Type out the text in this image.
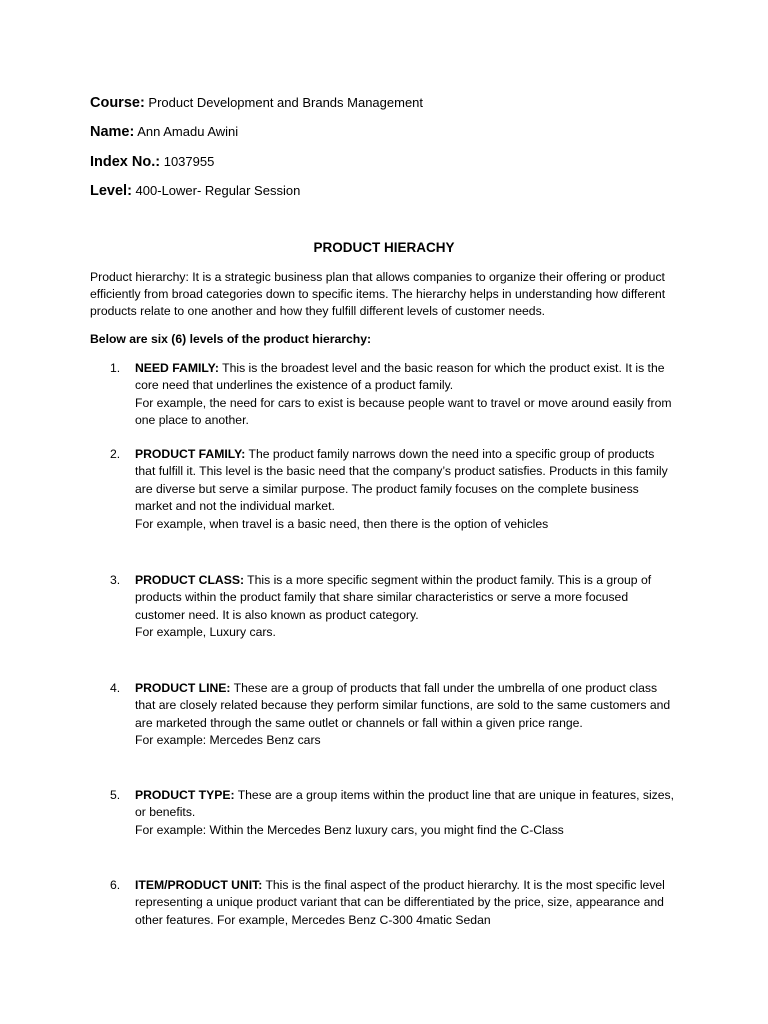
Course: Product Development and Brands Management
Name: Ann Amadu Awini
Index No.: 1037955
Level: 400-Lower- Regular Session
PRODUCT HIERACHY
Product hierarchy: It is a strategic business plan that allows companies to organize their offering or product efficiently from broad categories down to specific items. The hierarchy helps in understanding how different products relate to one another and how they fulfill different levels of customer needs.
Below are six (6) levels of the product hierarchy:
1.	NEED FAMILY: This is the broadest level and the basic reason for which the product exist. It is the core need that underlines the existence of a product family.

For example, the need for cars to exist is because people want to travel or move around easily from one place to another.

2.	PRODUCT FAMILY: The product family narrows down the need into a specific group of products that fulfill it. This level is the basic need that the company’s product satisfies. Products in this family are diverse but serve a similar purpose. The product family focuses on the complete business market and not the individual market.

For example, when travel is a basic need, then there is the option of vehicles

3.	PRODUCT CLASS: This is a more specific segment within the product family. This is a group of products within the product family that share similar characteristics or serve a more focused customer need. It is also known as product category.

For example, Luxury cars.

4.	PRODUCT LINE: These are a group of products that fall under the umbrella of one product class that are closely related because they perform similar functions, are sold to the same customers and are marketed through the same outlet or channels or fall within a given price range.

For example: Mercedes Benz cars

5.	PRODUCT TYPE: These are a group items within the product line that are unique in features, sizes, or benefits.

For example: Within the Mercedes Benz luxury cars, you might find the C-Class

6.	ITEM/PRODUCT UNIT: This is the final aspect of the product hierarchy. It is the most specific level representing a unique product variant that can be differentiated by the price, size, appearance and other features. For example, Mercedes Benz C-300 4matic Sedan
